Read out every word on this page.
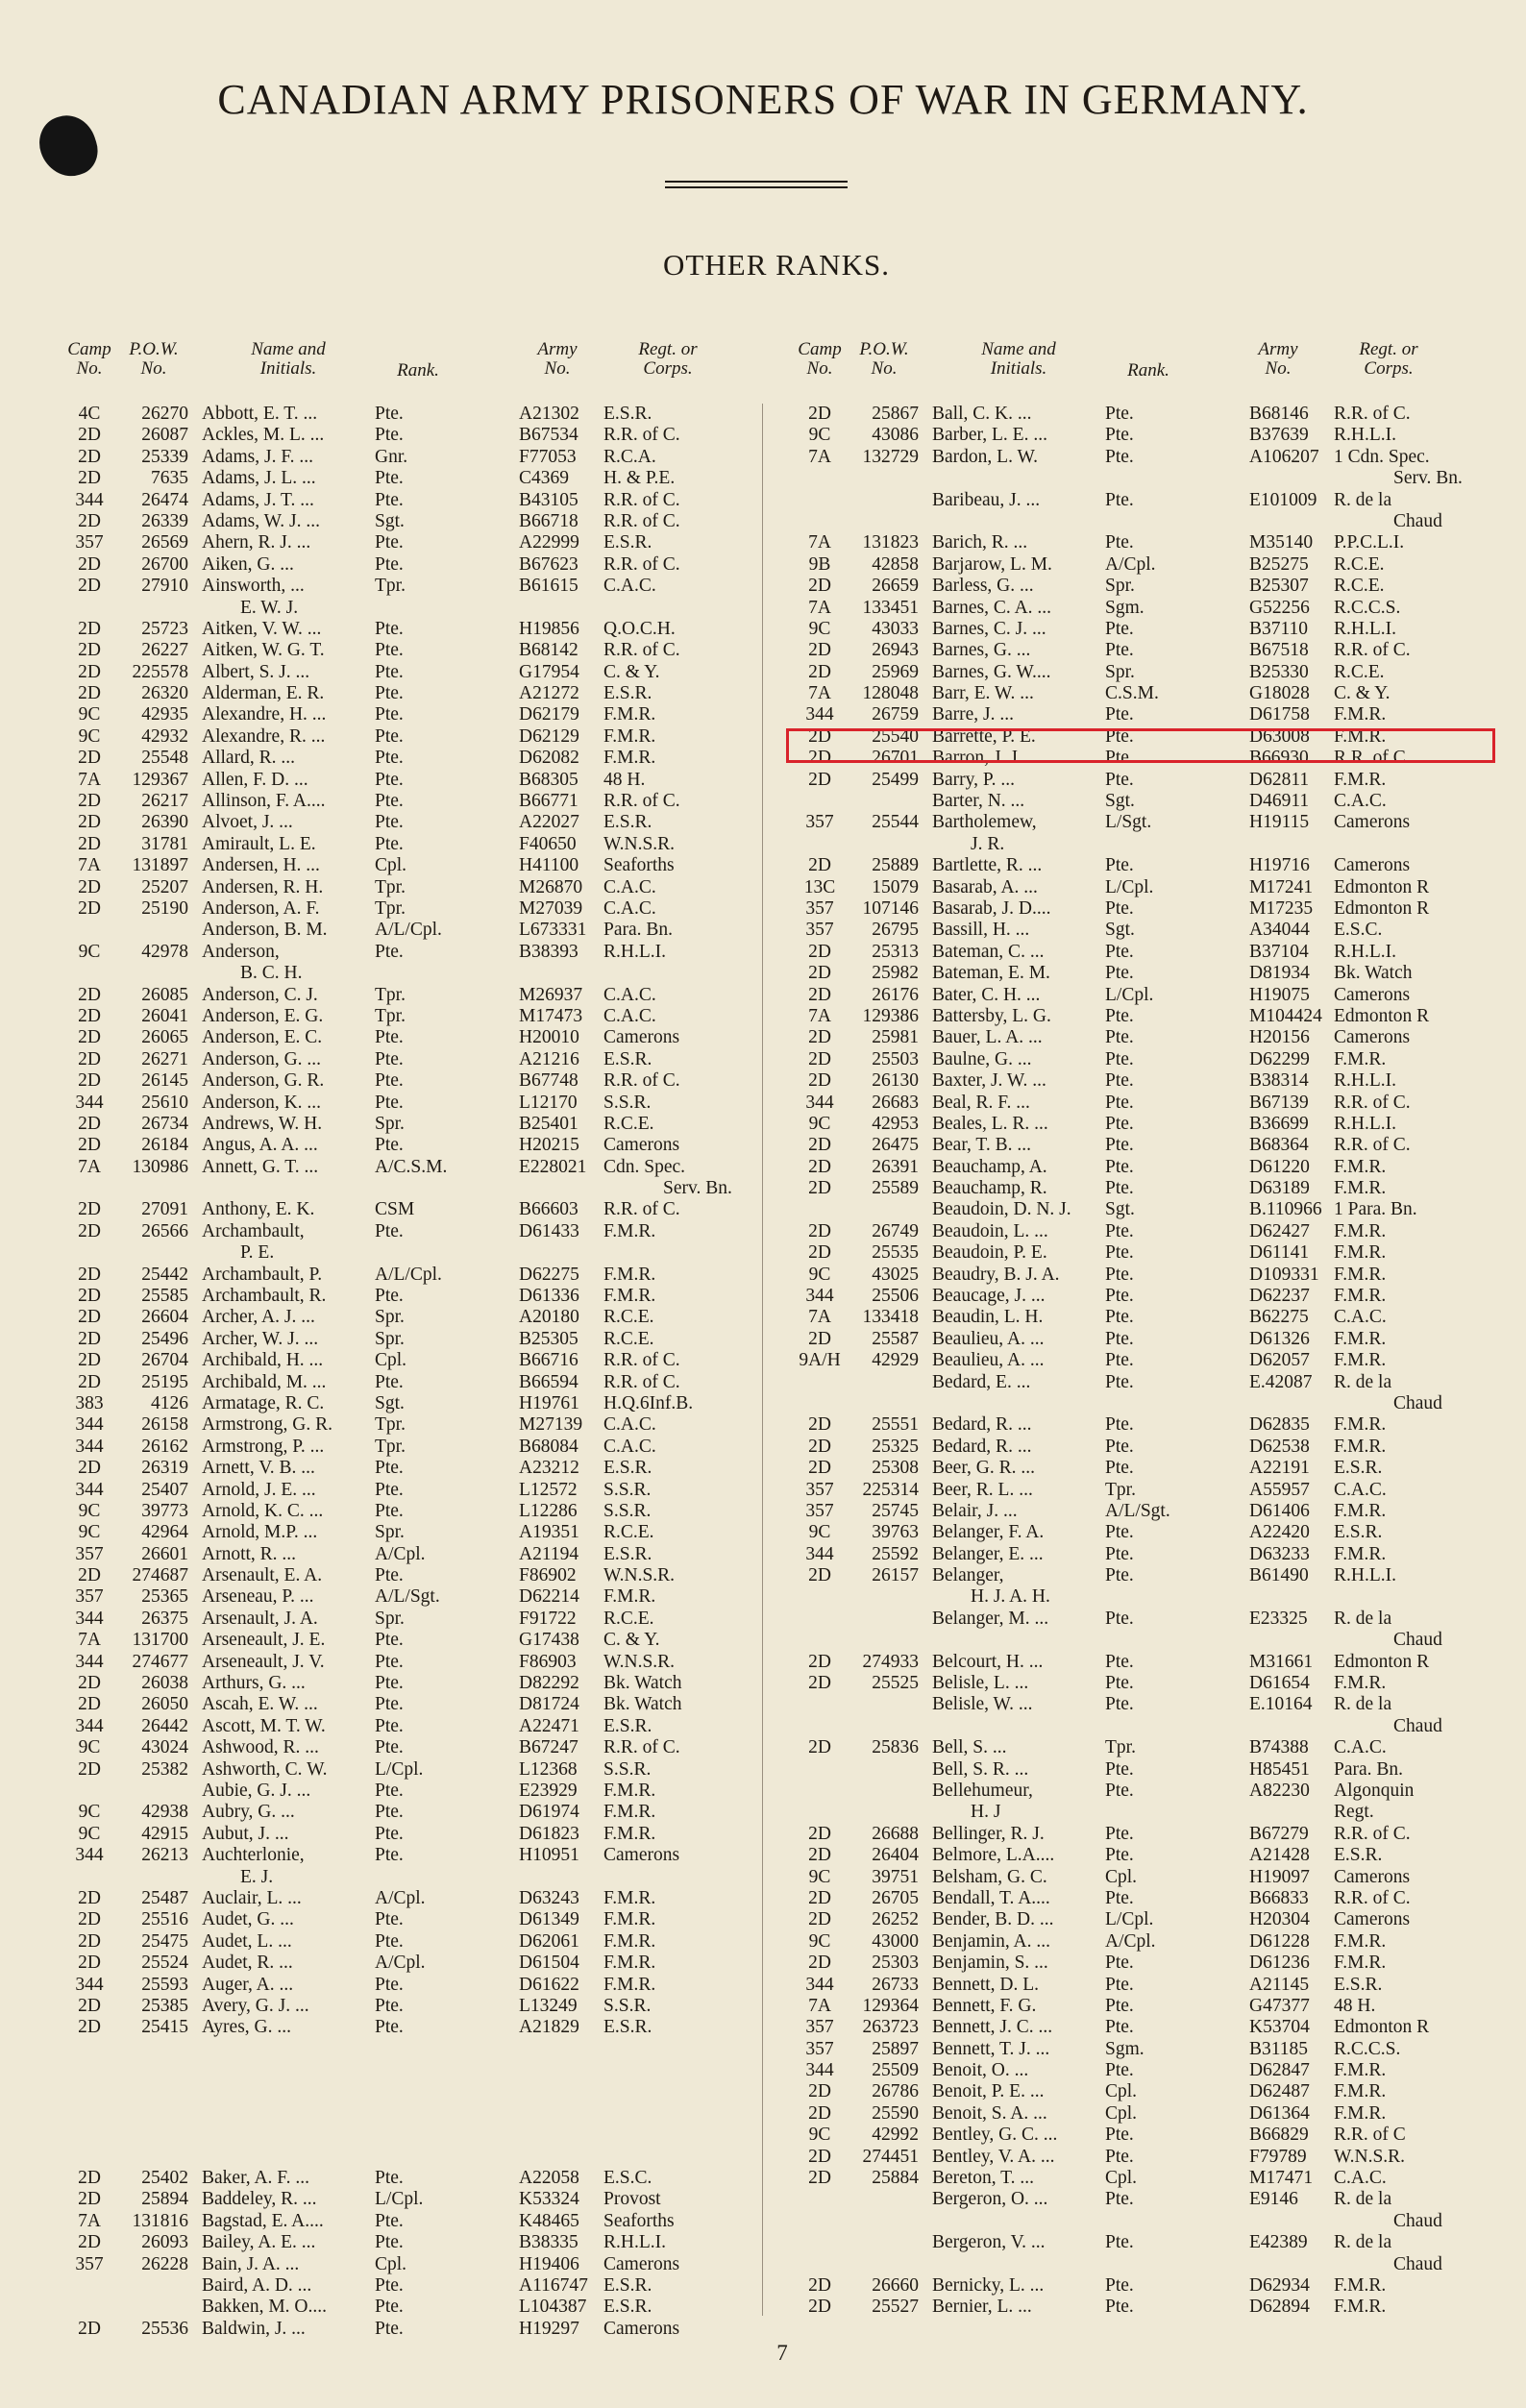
CANADIAN ARMY PRISONERS OF WAR IN GERMANY.
OTHER RANKS.
Camp
No.
P.O.W.
No.
Name and
Initials.	Rank.
Army
No.
Regt. or
Corps.
4C	26270 Abbott, E. T. ...	Pte.	A21302	E.S.R.
2D	26087 Ackles, M. L. ...	Pte.	B67534	R.R. of C.
2D	25339 Adams, J. F. ...	Gnr.	F77053	R.C.A.
2D	7635 Adams, J. L. ...	Pte.	C4369	H. & P.E.
344	26474 Adams, J. T. ...	Pte.	B43105	R.R. of C.
2D	26339 Adams, W. J. ...	Sgt.	B66718	R.R. of C.
357	26569 Ahern, R. J. ...	Pte.	A22999	E.S.R.
2D	26700 Aiken, G. ...	Pte.	B67623	R.R. of C.
2D	27910 Ainsworth, ...	Tpr.	B61615	C.A.C.
E. W. J.
2D	25723 Aitken, V. W. ...	Pte.	H19856	Q.O.C.H.
2D	26227 Aitken, W. G. T.	Pte.	B68142	R.R. of C.
2D	225578 Albert, S. J. ...	Pte.	G17954	C. & Y.
2D	26320 Alderman, E. R.	Pte.	A21272	E.S.R.
9C	42935 Alexandre, H. ...	Pte.	D62179	F.M.R.
9C	42932 Alexandre, R. ...	Pte.	D62129	F.M.R.
2D	25548 Allard, R. ...	Pte.	D62082	F.M.R.
7A	129367 Allen, F. D. ...	Pte.	B68305	48 H.
2D	26217 Allinson, F. A....	Pte.	B66771	R.R. of C.
2D	26390 Alvoet, J. ...	Pte.	A22027	E.S.R.
2D	31781 Amirault, L. E.	Pte.	F40650	W.N.S.R.
7A	131897 Andersen, H. ...	Cpl.	H41100	Seaforths
2D	25207 Andersen, R. H.	Tpr.	M26870	C.A.C.
2D	25190 Anderson, A. F.	Tpr.	M27039	C.A.C.
Anderson, B. M.	A/L/Cpl.	L673331 Para. Bn.
9C	42978 Anderson,	Pte.	B38393	R.H.L.I.
B. C. H.
2D	26085 Anderson, C. J.	Tpr.	M26937	C.A.C.
2D	26041 Anderson, E. G.	Tpr.	M17473	C.A.C.
2D	26065 Anderson, E. C.	Pte.	H20010	Camerons
2D	26271 Anderson, G. ...	Pte.	A21216	E.S.R.
2D	26145 Anderson, G. R.	Pte.	B67748	R.R. of C.
344	25610 Anderson, K. ...	Pte.	L12170	S.S.R.
2D	26734 Andrews, W. H.	Spr.	B25401	R.C.E.
2D	26184 Angus, A. A. ...	Pte.	H20215	Camerons
7A	130986 Annett, G. T. ...	A/C.S.M.	E228021 Cdn. Spec.
Serv. Bn.
2D	27091 Anthony, E. K.	CSM	B66603	R.R. of C.
2D	26566 Archambault,	Pte.	D61433	F.M.R.
P. E.
2D	25442 Archambault, P.	A/L/Cpl.	D62275	F.M.R.
2D	25585 Archambault, R.	Pte.	D61336	F.M.R.
2D	26604 Archer, A. J. ...	Spr.	A20180	R.C.E.
2D	25496 Archer, W. J. ...	Spr.	B25305	R.C.E.
2D	26704 Archibald, H. ...	Cpl.	B66716	R.R. of C.
2D	25195 Archibald, M. ...	Pte.	B66594	R.R. of C.
383	4126 Armatage, R. C.	Sgt.	H19761	H.Q.6Inf.B.
344	26158 Armstrong, G. R.	Tpr.	M27139	C.A.C.
344	26162 Armstrong, P. ...	Tpr.	B68084	C.A.C.
2D	26319 Arnett, V. B. ...	Pte.	A23212	E.S.R.
344	25407 Arnold, J. E. ...	Pte.	L12572	S.S.R.
9C	39773 Arnold, K. C. ...	Pte.	L12286	S.S.R.
9C	42964 Arnold, M.P. ...	Spr.	A19351	R.C.E.
357	26601 Arnott, R. ...	A/Cpl.	A21194	E.S.R.
2D	274687 Arsenault, E. A.	Pte.	F86902	W.N.S.R.
357	25365 Arseneau, P. ...	A/L/Sgt.	D62214	F.M.R.
344	26375 Arsenault, J. A.	Spr.	F91722	R.C.E.
7A	131700 Arseneault, J. E.	Pte.	G17438	C. & Y.
344	274677 Arseneault, J. V.	Pte.	F86903	W.N.S.R.
2D	26038 Arthurs, G. ...	Pte.	D82292	Bk. Watch
2D	26050 Ascah, E. W. ...	Pte.	D81724	Bk. Watch
344	26442 Ascott, M. T. W.	Pte.	A22471	E.S.R.
9C	43024 Ashwood, R. ...	Pte.	B67247	R.R. of C.
2D	25382 Ashworth, C. W.	L/Cpl.	L12368	S.S.R.
Aubie, G. J. ...	Pte.	E23929	F.M.R.
9C	42938 Aubry, G. ...	Pte.	D61974	F.M.R.
9C	42915 Aubut, J. ...	Pte.	D61823	F.M.R.
344	26213 Auchterlonie,	Pte.	H10951	Camerons
E. J.
2D	25487 Auclair, L. ...	A/Cpl.	D63243	F.M.R.
2D	25516 Audet, G. ...	Pte.	D61349	F.M.R.
2D	25475 Audet, L. ...	Pte.	D62061	F.M.R.
2D	25524 Audet, R. ...	A/Cpl.	D61504	F.M.R.
344	25593 Auger, A. ...	Pte.	D61622	F.M.R.
2D	25385 Avery, G. J. ...	Pte.	L13249	S.S.R.
2D	25415 Ayres, G. ...	Pte.	A21829	E.S.R.
2D	25402 Baker, A. F. ...	Pte.	A22058	E.S.C.
2D	25894 Baddeley, R. ...	L/Cpl.	K53324	Provost
7A	131816 Bagstad, E. A....	Pte.	K48465	Seaforths
2D	26093 Bailey, A. E. ...	Pte.	B38335	R.H.L.I.
357	26228 Bain, J. A. ...	Cpl.	H19406	Camerons
Baird, A. D. ...	Pte.	A116747 E.S.R.
Bakken, M. O....	Pte.	L104387 E.S.R.
2D	25536 Baldwin, J. ...	Pte.	H19297	Camerons
Camp
No.
P.O.W.
No.
Name and
Initials.	Rank.
Army
No.
Regt. or
Corps.
2D	25867 Ball, C. K. ...	Pte.	B68146	R.R. of C.
9C	43086 Barber, L. E. ...	Pte.	B37639	R.H.L.I.
7A	132729 Bardon, L. W.	Pte.	A106207 1 Cdn. Spec.
Serv. Bn.
Baribeau, J. ...	Pte.	E101009 R. de la
Chaud
7A	131823 Barich, R. ...	Pte.	M35140	P.P.C.L.I.
9B	42858 Barjarow, L. M.	A/Cpl.	B25275	R.C.E.
2D	26659 Barless, G. ...	Spr.	B25307	R.C.E.
7A	133451 Barnes, C. A. ...	Sgm.	G52256	R.C.C.S.
9C	43033 Barnes, C. J. ...	Pte.	B37110	R.H.L.I.
2D	26943 Barnes, G. ...	Pte.	B67518	R.R. of C.
2D	25969 Barnes, G. W....	Spr.	B25330	R.C.E.
7A	128048 Barr, E. W. ...	C.S.M.	G18028	C. & Y.
344	26759 Barre, J. ...	Pte.	D61758	F.M.R.
2D	25540 Barrette, P. E.	Pte.	D63008	F.M.R.
2D	26701 Barron, J. J. ...	Pte.	B66930	R.R. of C.
2D	25499 Barry, P. ...	Pte.	D62811	F.M.R.
Barter, N. ...	Sgt.	D46911	C.A.C.
357	25544 Bartholemew,	L/Sgt.	H19115	Camerons
J. R.
2D	25889 Bartlette, R. ...	Pte.	H19716	Camerons
13C	15079 Basarab, A. ...	L/Cpl.	M17241	Edmonton R
357	107146 Basarab, J. D....	Pte.	M17235	Edmonton R
357	26795 Bassill, H. ...	Sgt.	A34044	E.S.C.
2D	25313 Bateman, C. ...	Pte.	B37104	R.H.L.I.
2D	25982 Bateman, E. M.	Pte.	D81934	Bk. Watch
2D	26176 Bater, C. H. ...	L/Cpl.	H19075	Camerons
7A	129386 Battersby, L. G.	Pte.	M104424 Edmonton R
2D	25981 Bauer, L. A. ...	Pte.	H20156	Camerons
2D	25503 Baulne, G. ...	Pte.	D62299	F.M.R.
2D	26130 Baxter, J. W. ...	Pte.	B38314	R.H.L.I.
344	26683 Beal, R. F. ...	Pte.	B67139	R.R. of C.
9C	42953 Beales, L. R. ...	Pte.	B36699	R.H.L.I.
2D	26475 Bear, T. B. ...	Pte.	B68364	R.R. of C.
2D	26391 Beauchamp, A.	Pte.	D61220	F.M.R.
2D	25589 Beauchamp, R.	Pte.	D63189	F.M.R.
Beaudoin, D. N. J.	Sgt.	B.110966 1 Para. Bn.
2D	26749 Beaudoin, L. ...	Pte.	D62427	F.M.R.
2D	25535 Beaudoin, P. E.	Pte.	D61141	F.M.R.
9C	43025 Beaudry, B. J. A.	Pte.	D109331 F.M.R.
344	25506 Beaucage, J. ...	Pte.	D62237	F.M.R.
7A	133418 Beaudin, L. H.	Pte.	B62275	C.A.C.
2D	25587 Beaulieu, A. ...	Pte.	D61326	F.M.R.
9A/H	42929 Beaulieu, A. ...	Pte.	D62057	F.M.R.
Bedard, E. ...	Pte.	E.42087	R. de la
Chaud
2D	25551 Bedard, R. ...	Pte.	D62835	F.M.R.
2D	25325 Bedard, R. ...	Pte.	D62538	F.M.R.
2D	25308 Beer, G. R. ...	Pte.	A22191	E.S.R.
357	225314 Beer, R. L. ...	Tpr.	A55957	C.A.C.
357	25745 Belair, J. ...	A/L/Sgt.	D61406	F.M.R.
9C	39763 Belanger, F. A.	Pte.	A22420	E.S.R.
344	25592 Belanger, E. ...	Pte.	D63233	F.M.R.
2D	26157 Belanger,	Pte.	B61490	R.H.L.I.
H. J. A. H.
Belanger, M. ...	Pte.	E23325	R. de la
Chaud
2D	274933 Belcourt, H. ...	Pte.	M31661	Edmonton R
2D	25525 Belisle, L. ...	Pte.	D61654	F.M.R.
Belisle, W. ...	Pte.	E.10164	R. de la
Chaud
2D	25836 Bell, S. ...	Tpr.	B74388	C.A.C.
Bell, S. R. ...	Pte.	H85451	Para. Bn.
Bellehumeur,	Pte.	A82230	Algonquin
H. J	Regt.
2D	26688 Bellinger, R. J.	Pte.	B67279	R.R. of C.
2D	26404 Belmore, L.A....	Pte.	A21428	E.S.R.
9C	39751 Belsham, G. C.	Cpl.	H19097	Camerons
2D	26705 Bendall, T. A....	Pte.	B66833	R.R. of C.
2D	26252 Bender, B. D. ...	L/Cpl.	H20304	Camerons
9C	43000 Benjamin, A. ...	A/Cpl.	D61228	F.M.R.
2D	25303 Benjamin, S. ...	Pte.	D61236	F.M.R.
344	26733 Bennett, D. L.	Pte.	A21145	E.S.R.
7A	129364 Bennett, F. G.	Pte.	G47377	48 H.
357	263723 Bennett, J. C. ...	Pte.	K53704	Edmonton R
357	25897 Bennett, T. J. ...	Sgm.	B31185	R.C.C.S.
344	25509 Benoit, O. ...	Pte.	D62847	F.M.R.
2D	26786 Benoit, P. E. ...	Cpl.	D62487	F.M.R.
2D	25590 Benoit, S. A. ...	Cpl.	D61364	F.M.R.
9C	42992 Bentley, G. C. ...	Pte.	B66829	R.R. of C
2D	274451 Bentley, V. A. ...	Pte.	F79789	W.N.S.R.
2D	25884 Bereton, T. ...	Cpl.	M17471	C.A.C.
Bergeron, O. ...	Pte.	E9146	R. de la
Chaud
Bergeron, V. ...	Pte.	E42389	R. de la
Chaud
2D	26660 Bernicky, L. ...	Pte.	D62934	F.M.R.
2D	25527 Bernier, L. ...	Pte.	D62894	F.M.R.
7
